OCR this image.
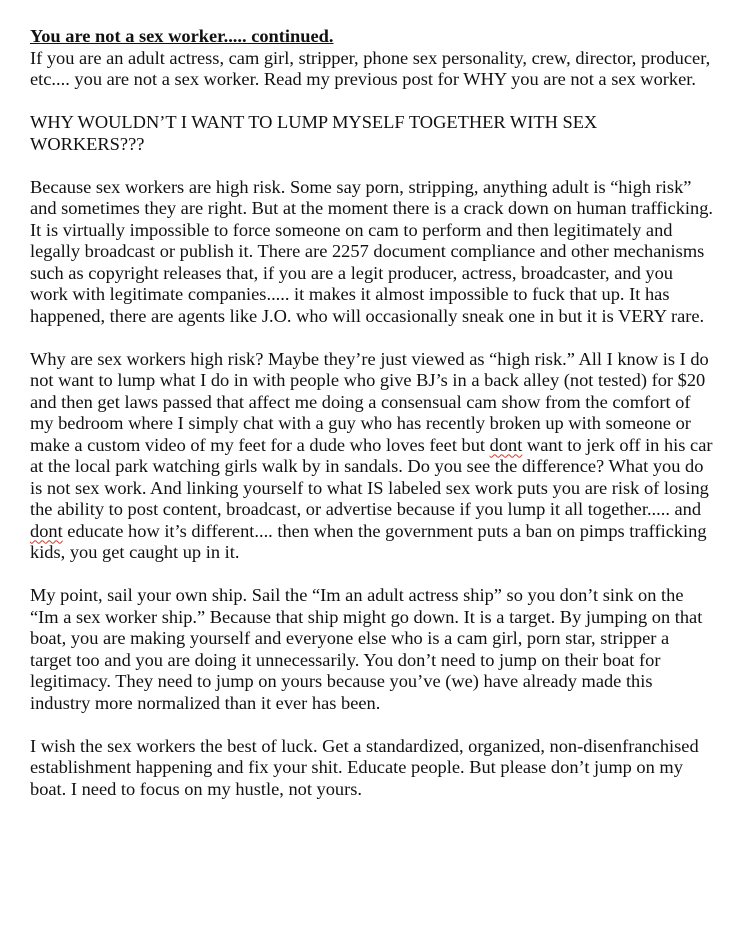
You are not a sex worker..... continued.
If you are an adult actress, cam girl, stripper, phone sex personality, crew, director, producer, etc.... you are not a sex worker. Read my previous post for WHY you are not a sex worker.

WHY WOULDN’T I WANT TO LUMP MYSELF TOGETHER WITH SEX WORKERS???

Because sex workers are high risk. Some say porn, stripping, anything adult is “high risk” and sometimes they are right. But at the moment there is a crack down on human trafficking. It is virtually impossible to force someone on cam to perform and then legitimately and legally broadcast or publish it. There are 2257 document compliance and other mechanisms such as copyright releases that, if you are a legit producer, actress, broadcaster, and you work with legitimate companies..... it makes it almost impossible to fuck that up. It has happened, there are agents like J.O. who will occasionally sneak one in but it is VERY rare.

Why are sex workers high risk? Maybe they’re just viewed as “high risk.” All I know is I do not want to lump what I do in with people who give BJ’s in a back alley (not tested) for $20 and then get laws passed that affect me doing a consensual cam show from the comfort of my bedroom where I simply chat with a guy who has recently broken up with someone or make a custom video of my feet for a dude who loves feet but dont want to jerk off in his car at the local park watching girls walk by in sandals. Do you see the difference? What you do is not sex work. And linking yourself to what IS labeled sex work puts you are risk of losing the ability to post content, broadcast, or advertise because if you lump it all together..... and dont educate how it’s different.... then when the government puts a ban on pimps trafficking kids, you get caught up in it.

My point, sail your own ship. Sail the “Im an adult actress ship” so you don’t sink on the “Im a sex worker ship.” Because that ship might go down. It is a target. By jumping on that boat, you are making yourself and everyone else who is a cam girl, porn star, stripper a target too and you are doing it unnecessarily. You don’t need to jump on their boat for legitimacy. They need to jump on yours because you’ve (we) have already made this industry more normalized than it ever has been.

I wish the sex workers the best of luck. Get a standardized, organized, non-disenfranchised establishment happening and fix your shit. Educate people. But please don’t jump on my boat. I need to focus on my hustle, not yours.
